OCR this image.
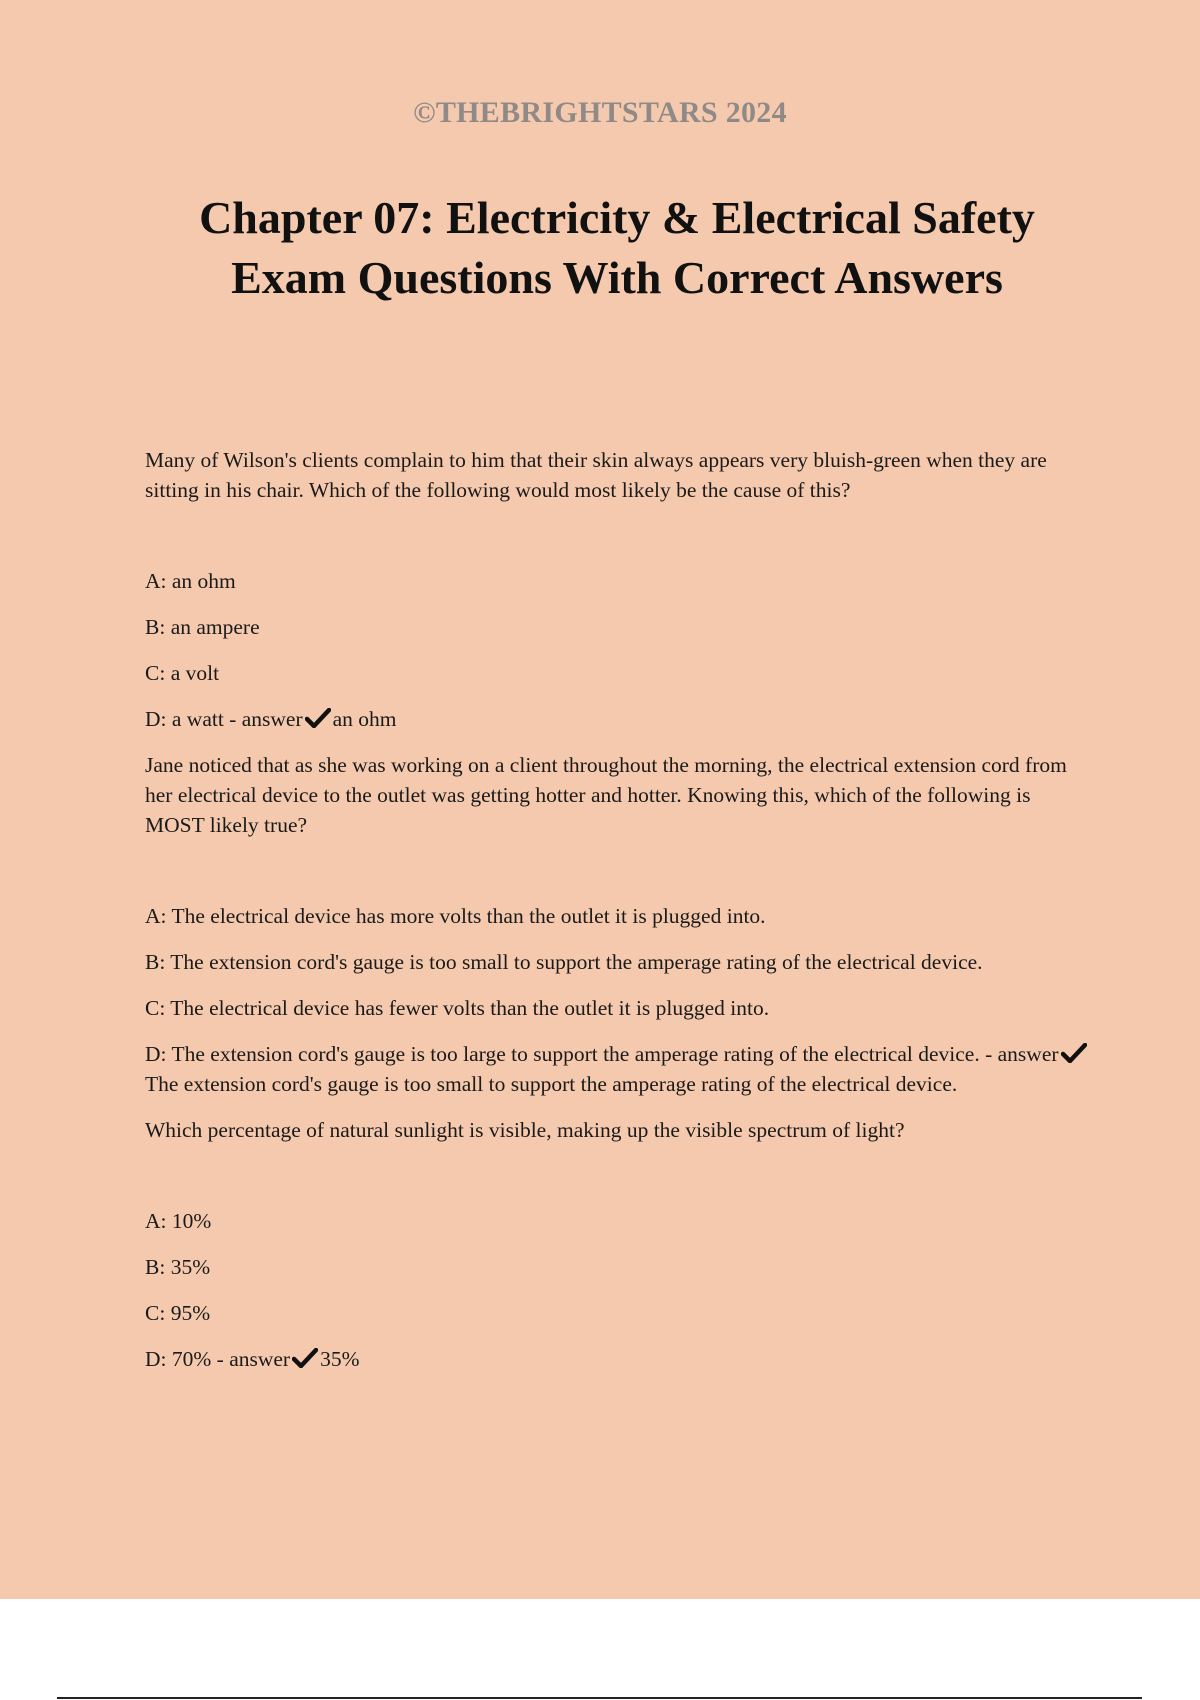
©THEBRIGHTSTARS 2024
Chapter 07: Electricity & Electrical Safety
Exam Questions With Correct Answers

Many of Wilson's clients complain to him that their skin always appears very bluish-green when they are sitting in his chair. Which of the following would most likely be the cause of this?

A: an ohm

B: an ampere

C: a volt

D: a watt - answer an ohm

Jane noticed that as she was working on a client throughout the morning, the electrical extension cord from her electrical device to the outlet was getting hotter and hotter. Knowing this, which of the following is MOST likely true?

A: The electrical device has more volts than the outlet it is plugged into.

B: The extension cord's gauge is too small to support the amperage rating of the electrical device.

C: The electrical device has fewer volts than the outlet it is plugged into.

D: The extension cord's gauge is too large to support the amperage rating of the electrical device. - answerThe extension cord's gauge is too small to support the amperage rating of the electrical device.

Which percentage of natural sunlight is visible, making up the visible spectrum of light?

A: 10%

B: 35%

C: 95%

D: 70% - answer 35%
